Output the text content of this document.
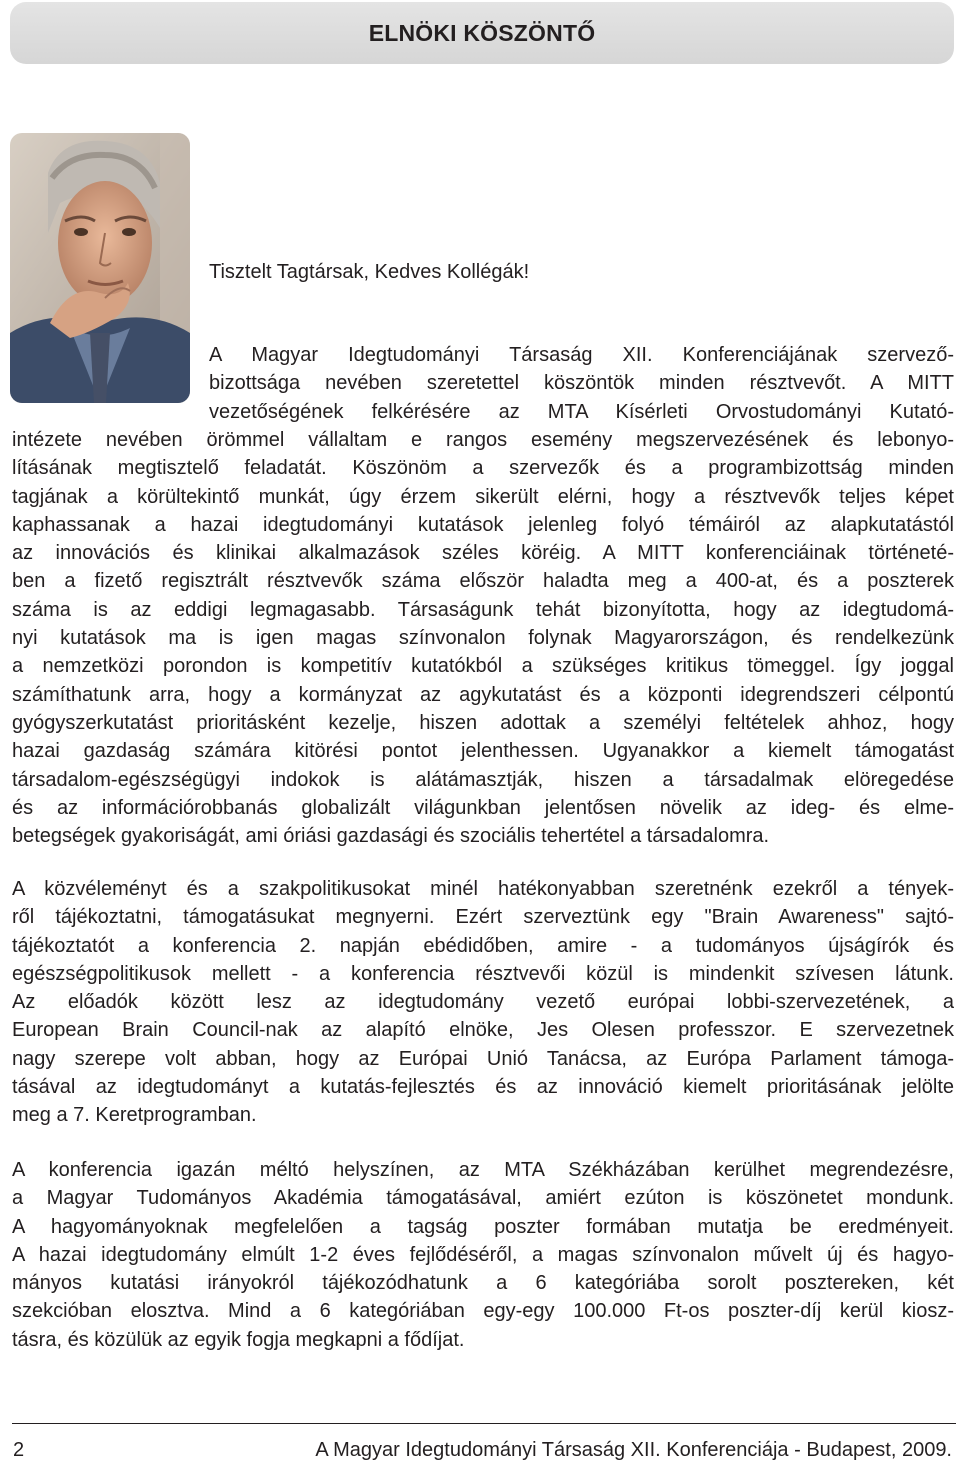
ELNÖKI KÖSZÖNTŐ
Tisztelt Tagtársak, Kedves Kollégák!
A Magyar Idegtudományi Társaság XII. Konferenciájának szervező-
bizottsága nevében szeretettel köszöntök minden résztvevőt. A MITT
vezetőségének felkérésére az MTA Kísérleti Orvostudományi Kutató-
intézete nevében örömmel vállaltam e rangos esemény megszervezésének és lebonyo-
lításának megtisztelő feladatát. Köszönöm a szervezők és a programbizottság minden
tagjának a körültekintő munkát, úgy érzem sikerült elérni, hogy a résztvevők teljes képet
kaphassanak a hazai idegtudományi kutatások jelenleg folyó témáiról az alapkutatástól
az innovációs és klinikai alkalmazások széles köréig. A MITT konferenciáinak történeté-
ben a fizető regisztrált résztvevők száma először haladta meg a 400-at, és a poszterek
száma is az eddigi legmagasabb. Társaságunk tehát bizonyította, hogy az idegtudomá-
nyi kutatások ma is igen magas színvonalon folynak Magyarországon, és rendelkezünk
a nemzetközi porondon is kompetitív kutatókból a szükséges kritikus tömeggel. Így joggal
számíthatunk arra, hogy a kormányzat az agykutatást és a központi idegrendszeri célpontú
gyógyszerkutatást prioritásként kezelje, hiszen adottak a személyi feltételek ahhoz, hogy
hazai gazdaság számára kitörési pontot jelenthessen. Ugyanakkor a kiemelt támogatást
társadalom-egészségügyi indokok is alátámasztják, hiszen a társadalmak elöregedése
és az információrobbanás globalizált világunkban jelentősen növelik az ideg- és elme-
betegségek gyakoriságát, ami óriási gazdasági és szociális tehertétel a társadalomra.
A közvéleményt és a szakpolitikusokat minél hatékonyabban szeretnénk ezekről a tények-
ről tájékoztatni, támogatásukat megnyerni. Ezért szerveztünk egy "Brain Awareness" sajtó-
tájékoztatót a konferencia 2. napján ebédidőben, amire - a tudományos újságírók és
egészségpolitikusok mellett - a konferencia résztvevői közül is mindenkit szívesen látunk.
Az előadók között lesz az idegtudomány vezető európai lobbi-szervezetének, a
European Brain Council-nak az alapító elnöke, Jes Olesen professzor. E szervezetnek
nagy szerepe volt abban, hogy az Európai Unió Tanácsa, az Európa Parlament támoga-
tásával az idegtudományt a kutatás-fejlesztés és az innováció kiemelt prioritásának jelölte
meg a 7. Keretprogramban.
A konferencia igazán méltó helyszínen, az MTA Székházában kerülhet megrendezésre,
a Magyar Tudományos Akadémia támogatásával, amiért ezúton is köszönetet mondunk.
A hagyományoknak megfelelően a tagság poszter formában mutatja be eredményeit.
A hazai idegtudomány elmúlt 1-2 éves fejlődéséről, a magas színvonalon művelt új és hagyo-
mányos kutatási irányokról tájékozódhatunk a 6 kategóriába sorolt posztereken, két
szekcióban elosztva. Mind a 6 kategóriában egy-egy 100.000 Ft-os poszter-díj kerül kiosz-
tásra, és közülük az egyik fogja megkapni a fődíjat.
2	A Magyar Idegtudományi Társaság XII. Konferenciája - Budapest, 2009.
